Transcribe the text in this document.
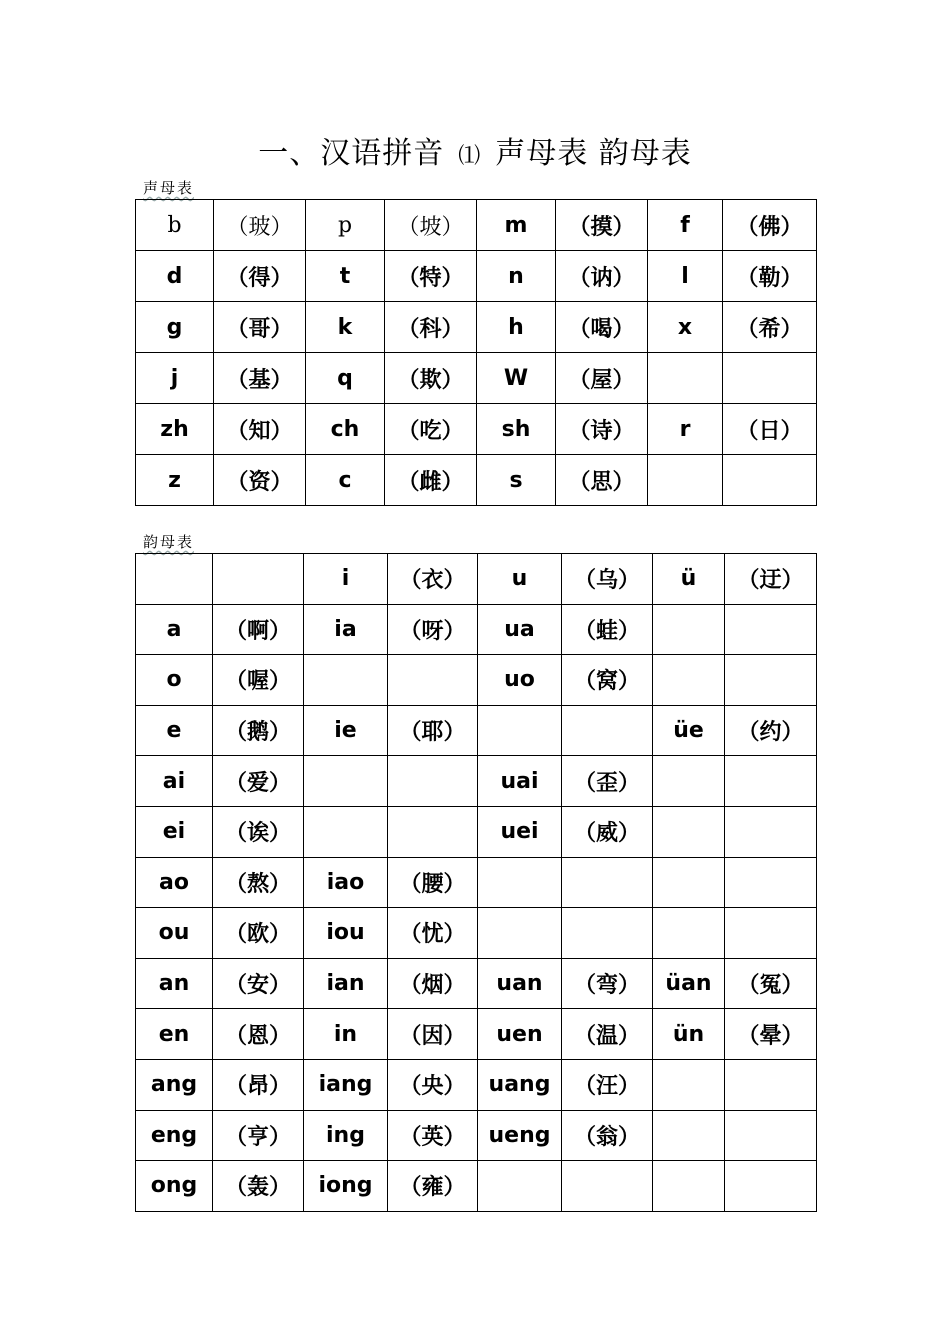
一、汉语拼音 ⑴ 声母表 韵母表
声母表
b	（玻）	p	（坡）	m	（摸）	f	（佛）
d	（得）	t	（特）	n	（讷）	l	（勒）
g	（哥）	k	（科）	h	（喝）	x	（希）
j	（基）	q	（欺）	W	（屋）		
zh	（知）	ch	（吃）	sh	（诗）	r	（日）
z	（资）	c	（雌）	s	（思）		
韵母表
		i	（衣）	u	（乌）	ü	（迂）
a	（啊）	ia	（呀）	ua	（蛙）		
o	（喔）			uo	（窝）		
e	（鹅）	ie	（耶）			üe	（约）
ai	（爱）			uai	（歪）		
ei	（诶）			uei	（威）		
ao	（熬）	iao	（腰）				
ou	（欧）	iou	（忧）				
an	（安）	ian	（烟）	uan	（弯）	üan	（冤）
en	（恩）	in	（因）	uen	（温）	ün	（晕）
ang	（昂）	iang	（央）	uang	（汪）		
eng	（亨）	ing	（英）	ueng	（翁）		
ong	（轰）	iong	（雍）				
